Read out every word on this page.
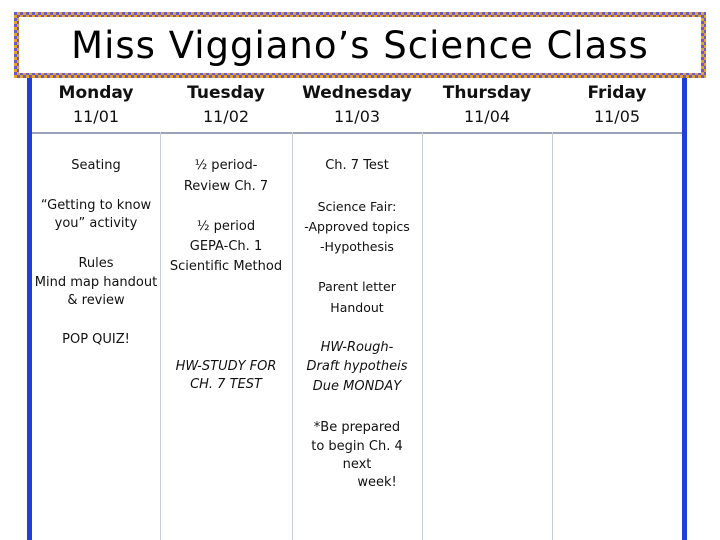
Miss Viggiano’s Science Class
Monday
11/01
Seating
“Getting to know
you” activity
Rules
Mind map handout
& review
POP QUIZ!
Tuesday
11/02
½ period-
Review Ch. 7
½ period
GEPA-Ch. 1
Scientific Method
HW-STUDY FOR
CH. 7 TEST
Wednesday
11/03
Ch. 7 Test
Science Fair:
-Approved topics
-Hypothesis
Parent letter
Handout
HW-Rough-
Draft hypotheis
Due MONDAY
*Be prepared
to begin Ch. 4
next
week!
Thursday
11/04
Friday
11/05
